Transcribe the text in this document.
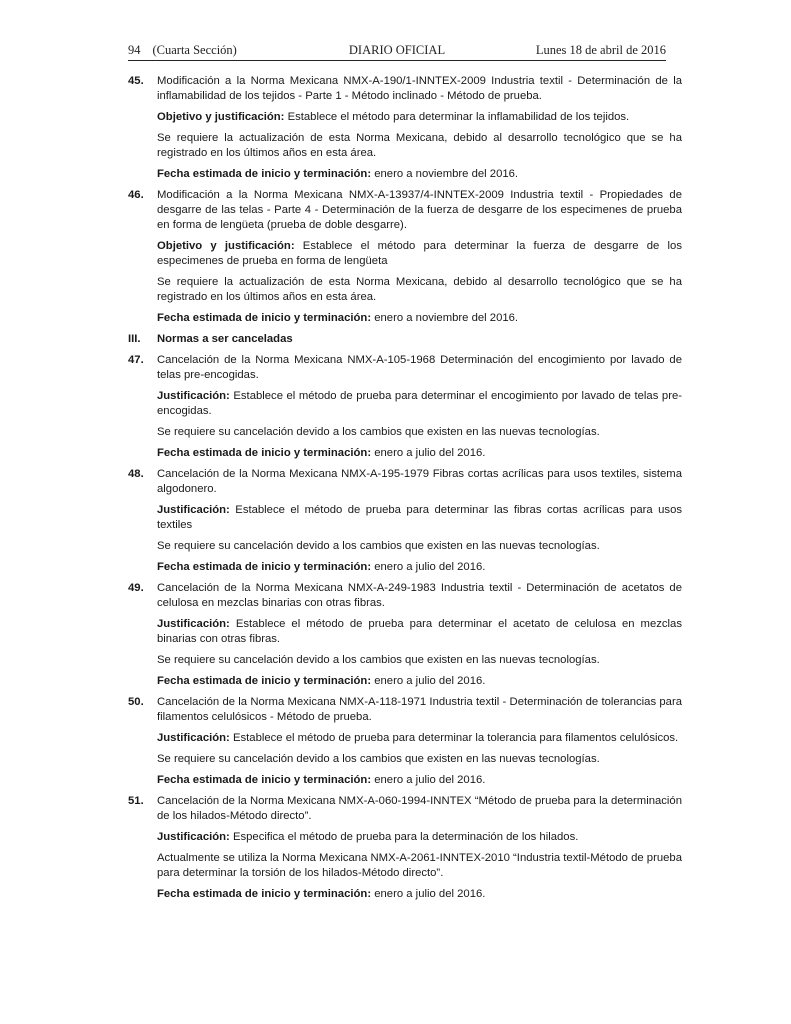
94 (Cuarta Sección)	DIARIO OFICIAL	Lunes 18 de abril de 2016
45. Modificación a la Norma Mexicana NMX-A-190/1-INNTEX-2009 Industria textil - Determinación de la inflamabilidad de los tejidos - Parte 1 - Método inclinado - Método de prueba.

Objetivo y justificación: Establece el método para determinar la inflamabilidad de los tejidos.

Se requiere la actualización de esta Norma Mexicana, debido al desarrollo tecnológico que se ha registrado en los últimos años en esta área.

Fecha estimada de inicio y terminación: enero a noviembre del 2016.

46. Modificación a la Norma Mexicana NMX-A-13937/4-INNTEX-2009 Industria textil - Propiedades de desgarre de las telas - Parte 4 - Determinación de la fuerza de desgarre de los especimenes de prueba en forma de lengüeta (prueba de doble desgarre).

Objetivo y justificación: Establece el método para determinar la fuerza de desgarre de los especimenes de prueba en forma de lengüeta

Se requiere la actualización de esta Norma Mexicana, debido al desarrollo tecnológico que se ha registrado en los últimos años en esta área.

Fecha estimada de inicio y terminación: enero a noviembre del 2016.

III. Normas a ser canceladas
47. Cancelación de la Norma Mexicana NMX-A-105-1968 Determinación del encogimiento por lavado de telas pre-encogidas.

Justificación: Establece el método de prueba para determinar el encogimiento por lavado de telas pre-encogidas.

Se requiere su cancelación devido a los cambios que existen en las nuevas tecnologías.

Fecha estimada de inicio y terminación: enero a julio del 2016.

48. Cancelación de la Norma Mexicana NMX-A-195-1979 Fibras cortas acrílicas para usos textiles, sistema algodonero.

Justificación: Establece el método de prueba para determinar las fibras cortas acrílicas para usos textiles

Se requiere su cancelación devido a los cambios que existen en las nuevas tecnologías.

Fecha estimada de inicio y terminación: enero a julio del 2016.

49. Cancelación de la Norma Mexicana NMX-A-249-1983 Industria textil - Determinación de acetatos de celulosa en mezclas binarias con otras fibras.

Justificación: Establece el método de prueba para determinar el acetato de celulosa en mezclas binarias con otras fibras.

Se requiere su cancelación devido a los cambios que existen en las nuevas tecnologías.

Fecha estimada de inicio y terminación: enero a julio del 2016.

50. Cancelación de la Norma Mexicana NMX-A-118-1971 Industria textil - Determinación de tolerancias para filamentos celulósicos - Método de prueba.

Justificación: Establece el método de prueba para determinar la tolerancia para filamentos celulósicos.

Se requiere su cancelación devido a los cambios que existen en las nuevas tecnologías.

Fecha estimada de inicio y terminación: enero a julio del 2016.

51. Cancelación de la Norma Mexicana NMX-A-060-1994-INNTEX “Método de prueba para la determinación de los hilados-Método directo”.

Justificación: Especifica el método de prueba para la determinación de los hilados.

Actualmente se utiliza la Norma Mexicana NMX-A-2061-INNTEX-2010 “Industria textil-Método de prueba para determinar la torsión de los hilados-Método directo”.

Fecha estimada de inicio y terminación: enero a julio del 2016.
